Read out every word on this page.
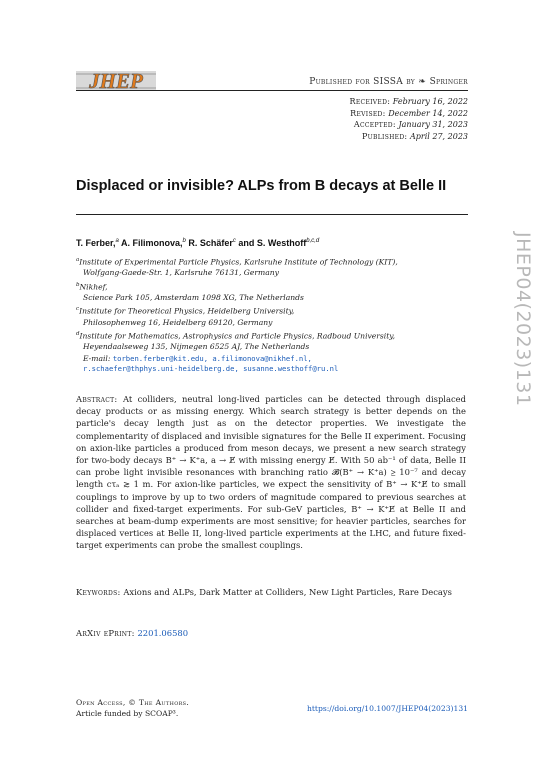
JHEP	Published for SISSA by ❧ Springer
Received: February 16, 2022
Revised: December 14, 2022
Accepted: January 31, 2023
Published: April 27, 2023
Displaced or invisible? ALPs from B decays at Belle II
JHEP04(2023)131
T. Ferber,$^a$ A. Filimonova,$^b$ R. Schäfer$^c$ and S. Westhoff$^{b,c,d}$
$^a$Institute of Experimental Particle Physics, Karlsruhe Institute of Technology (KIT),
Wolfgang-Gaede-Str. 1, Karlsruhe 76131, Germany
$^b$Nikhef,
Science Park 105, Amsterdam 1098 XG, The Netherlands
$^c$Institute for Theoretical Physics, Heidelberg University,
Philosophenweg 16, Heidelberg 69120, Germany
$^d$Institute for Mathematics, Astrophysics and Particle Physics, Radboud University,
Heyendaalseweg 135, Nijmegen 6525 AJ, The Netherlands
E-mail: torben.ferber@kit.edu, a.filimonova@nikhef.nl,
r.schaefer@thphys.uni-heidelberg.de, susanne.westhoff@ru.nl
Abstract: At colliders, neutral long-lived particles can be detected through displaced decay products or as missing energy. Which search strategy is better depends on the particle's decay length just as on the detector properties. We investigate the complementarity of displaced and invisible signatures for the Belle II experiment. Focusing on axion-like particles a produced from meson decays, we present a new search strategy for two-body decays B⁺ → K⁺a, a → E̸ with missing energy E̸. With 50 ab⁻¹ of data, Belle II can probe light invisible resonances with branching ratio 𝓑(B⁺ → K⁺a) ≳ 10⁻⁷ and decay length cτₐ ≳ 1 m. For axion-like particles, we expect the sensitivity of B⁺ → K⁺E̸ to small couplings to improve by up to two orders of magnitude compared to previous searches at collider and fixed-target experiments. For sub-GeV particles, B⁺ → K⁺E̸ at Belle II and searches at beam-dump experiments are most sensitive; for heavier particles, searches for displaced vertices at Belle II, long-lived particle experiments at the LHC, and future fixed-target experiments can probe the smallest couplings.
Keywords: Axions and ALPs, Dark Matter at Colliders, New Light Particles, Rare Decays
ArXiv ePrint: 2201.06580
Open Access, © The Authors.
Article funded by SCOAP³.	https://doi.org/10.1007/JHEP04(2023)131
